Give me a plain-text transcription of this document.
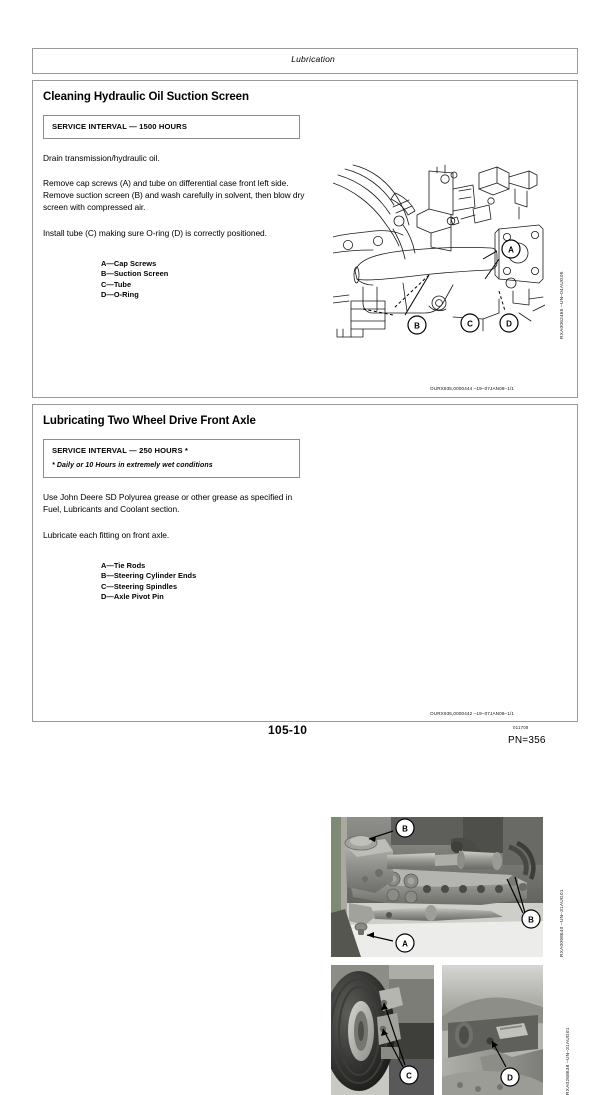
Lubrication
Cleaning Hydraulic Oil Suction Screen
SERVICE INTERVAL — 1500 HOURS
Drain transmission/hydraulic oil.
Remove cap screws (A) and tube on differential case front left side. Remove suction screen (B) and wash carefully in solvent, then blow dry screen with compressed air.
Install tube (C) making sure O-ring (D) is correctly positioned.
A—Cap Screws
B—Suction Screen
C—Tube
D—O-Ring
A
B	C	D	RXA0062465 –UN–04AUG05
OURX935,0000444 –19–07JAN08–1/1
Lubricating Two Wheel Drive Front Axle
SERVICE INTERVAL — 250 HOURS *
* Daily or 10 Hours in extremely wet conditions
Use John Deere SD Polyurea grease or other grease as specified in Fuel, Lubricants and Coolant section.
Lubricate each fitting on front axle.
A—Tie Rods
B—Steering Cylinder Ends
C—Steering Spindles
D—Axle Pivot Pin
B
B
A	RXA0098640 –UN–31AUG01
C	D	RXA0268638 –UN–31AUG01
OURX935,0000442 –19–07JAN08–1/1
105-10	011708
PN=356
